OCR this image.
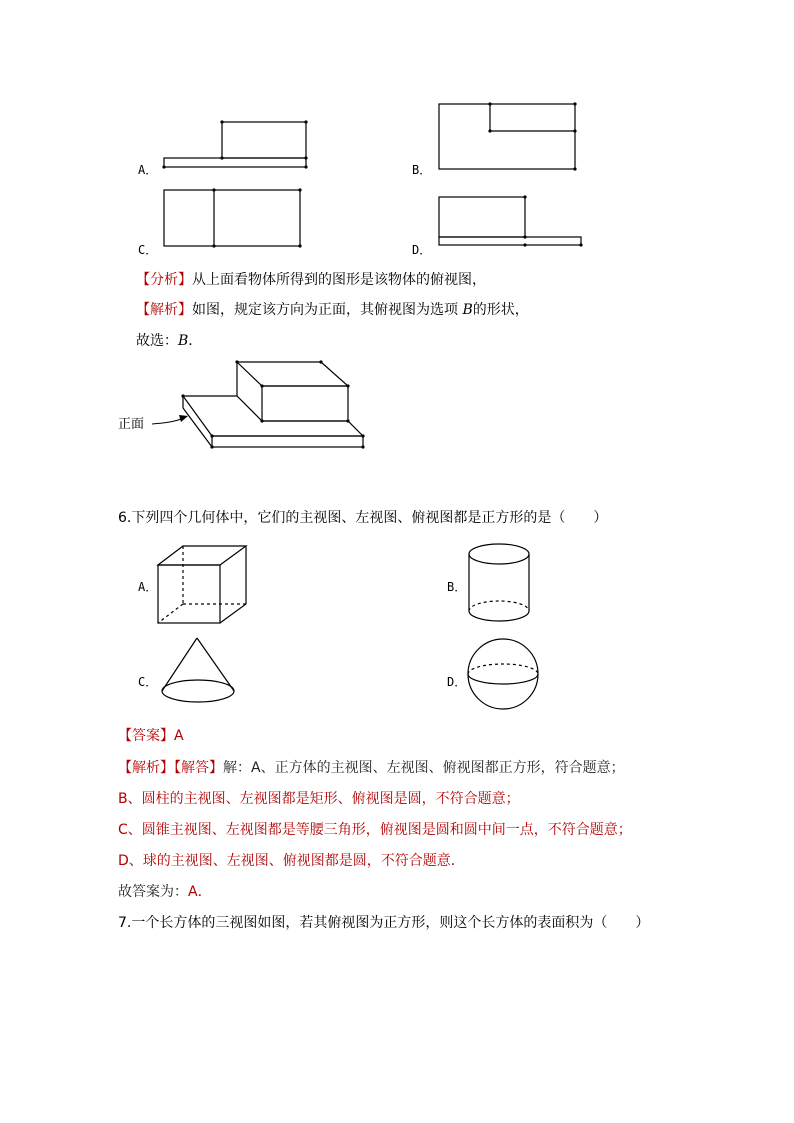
A．	B．
C．	D．
【分析】从上面看物体所得到的图形是该物体的俯视图，
【解析】如图，规定该方向为正面，其俯视图为选项 B的形状，
故选：B．
正面
6.下列四个几何体中，它们的主视图、左视图、俯视图都是正方形的是（　　）
A．	B．
C．	D．
【答案】A
【解析】【解答】解：A、正方体的主视图、左视图、俯视图都正方形，符合题意；
B、圆柱的主视图、左视图都是矩形、俯视图是圆，不符合题意；
C、圆锥主视图、左视图都是等腰三角形，俯视图是圆和圆中间一点，不符合题意；
D、球的主视图、左视图、俯视图都是圆，不符合题意．
故答案为：A．
7.一个长方体的三视图如图，若其俯视图为正方形，则这个长方体的表面积为（　　）
